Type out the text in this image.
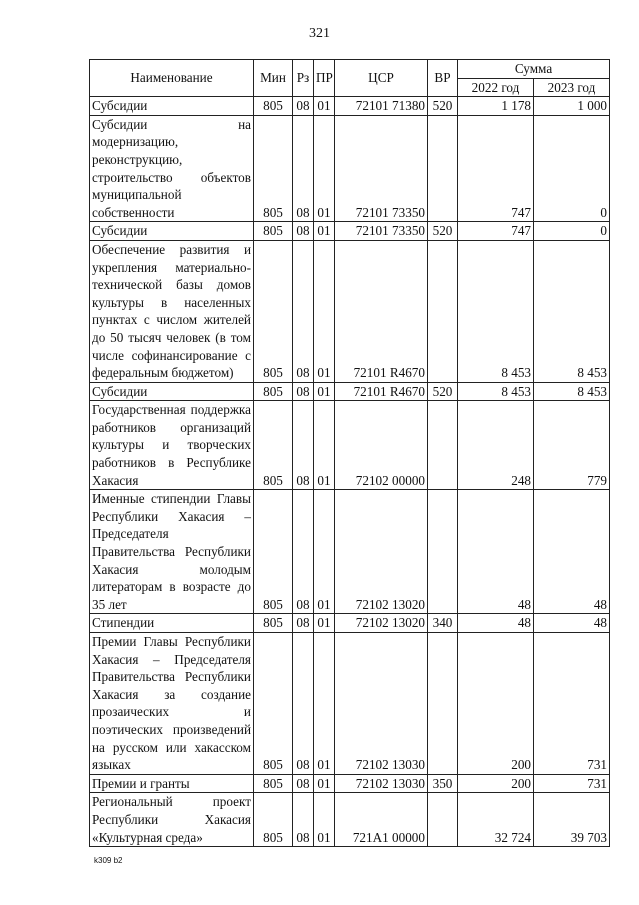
321
Наименование	Мин	Рз	ПР	ЦСР	ВР	Сумма	
						2022 год	2023 год
Субсидии	805	08	01	72101 71380	520	1 178	1 000
Субсидии на модернизацию, реконструкцию, строительство объектов муниципальной собственности	805	08	01	72101 73350		747	0
Субсидии	805	08	01	72101 73350	520	747	0
Обеспечение развития и укрепления материально-технической базы домов культуры в населенных пунктах с числом жителей до 50 тысяч человек (в том числе софинансирование с федеральным бюджетом)	805	08	01	72101 R4670		8 453	8 453
Субсидии	805	08	01	72101 R4670	520	8 453	8 453
Государственная поддержка работников организаций культуры и творческих работников в Республике Хакасия	805	08	01	72102 00000		248	779
Именные стипендии Главы Республики Хакасия – Председателя Правительства Республики Хакасия молодым литераторам в возрасте до 35 лет	805	08	01	72102 13020		48	48
Стипендии	805	08	01	72102 13020	340	48	48
Премии Главы Республики Хакасия – Председателя Правительства Республики Хакасия за создание прозаических и поэтических произведений на русском или хакасском языках	805	08	01	72102 13030		200	731
Премии и гранты	805	08	01	72102 13030	350	200	731
Региональный проект Республики Хакасия «Культурная среда»	805	08	01	721A1 00000		32 724	39 703
k309 b2
